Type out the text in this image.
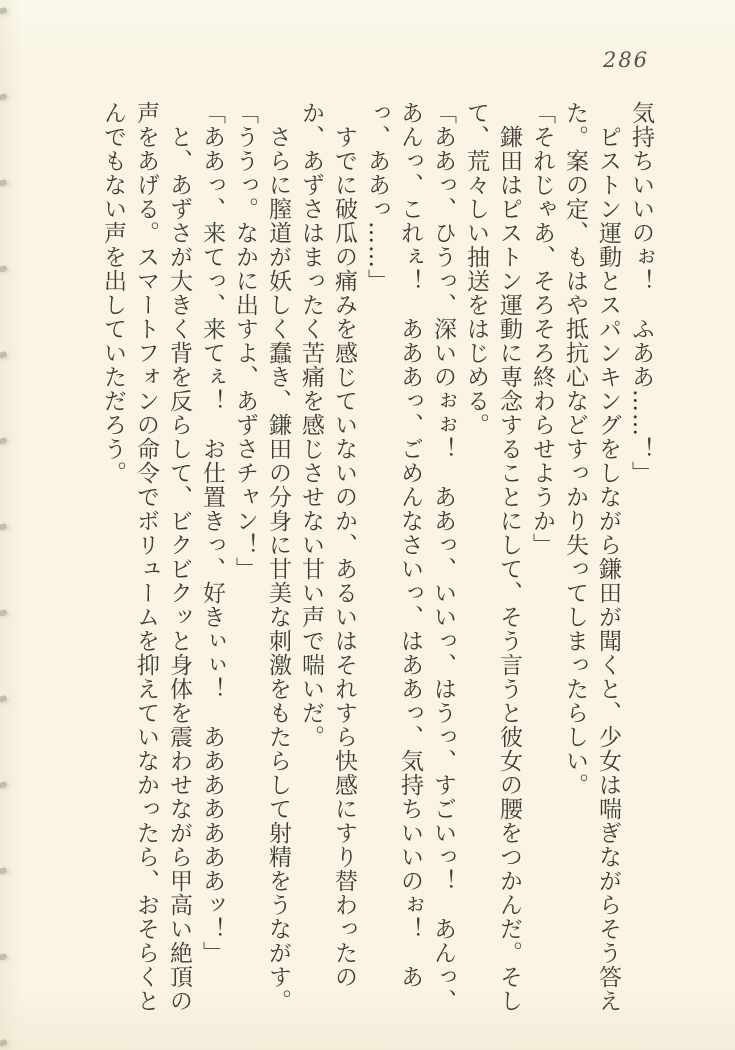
286

気持ちいいのぉ！　ふああ……！」

ピストン運動とスパンキングをしながら鎌田が聞くと、少女は喘ぎながらそう答えた。案の定、もはや抵抗心などすっかり失ってしまったらしい。

「それじゃあ、そろそろ終わらせようか」

鎌田はピストン運動に専念することにして、そう言うと彼女の腰をつかんだ。そして、荒々しい抽送をはじめる。

「ああっ、ひうっ、深いのぉぉ！　ああっ、いいっ、はうっ、すごいっ！　あんっ、あんっ、これぇ！　あああっ、ごめんなさいっ、はああっ、気持ちいいのぉ！　あっ、ああっ……」

すでに破瓜の痛みを感じていないのか、あるいはそれすら快感にすり替わったのか、あずさはまったく苦痛を感じさせない甘い声で喘いだ。

さらに膣道が妖しく蠢き、鎌田の分身に甘美な刺激をもたらして射精をうながす。

「ううっ。なかに出すよ、あずさチャン！」

「ああっ、来てっ、来てぇ！　お仕置きっ、好きぃぃ！　あああああああッ！」

と、あずさが大きく背を反らして、ビクビクッと身体を震わせながら甲高い絶頂の声をあげる。スマートフォンの命令でボリュームを抑えていなかったら、おそらくとんでもない声を出していただろう。
